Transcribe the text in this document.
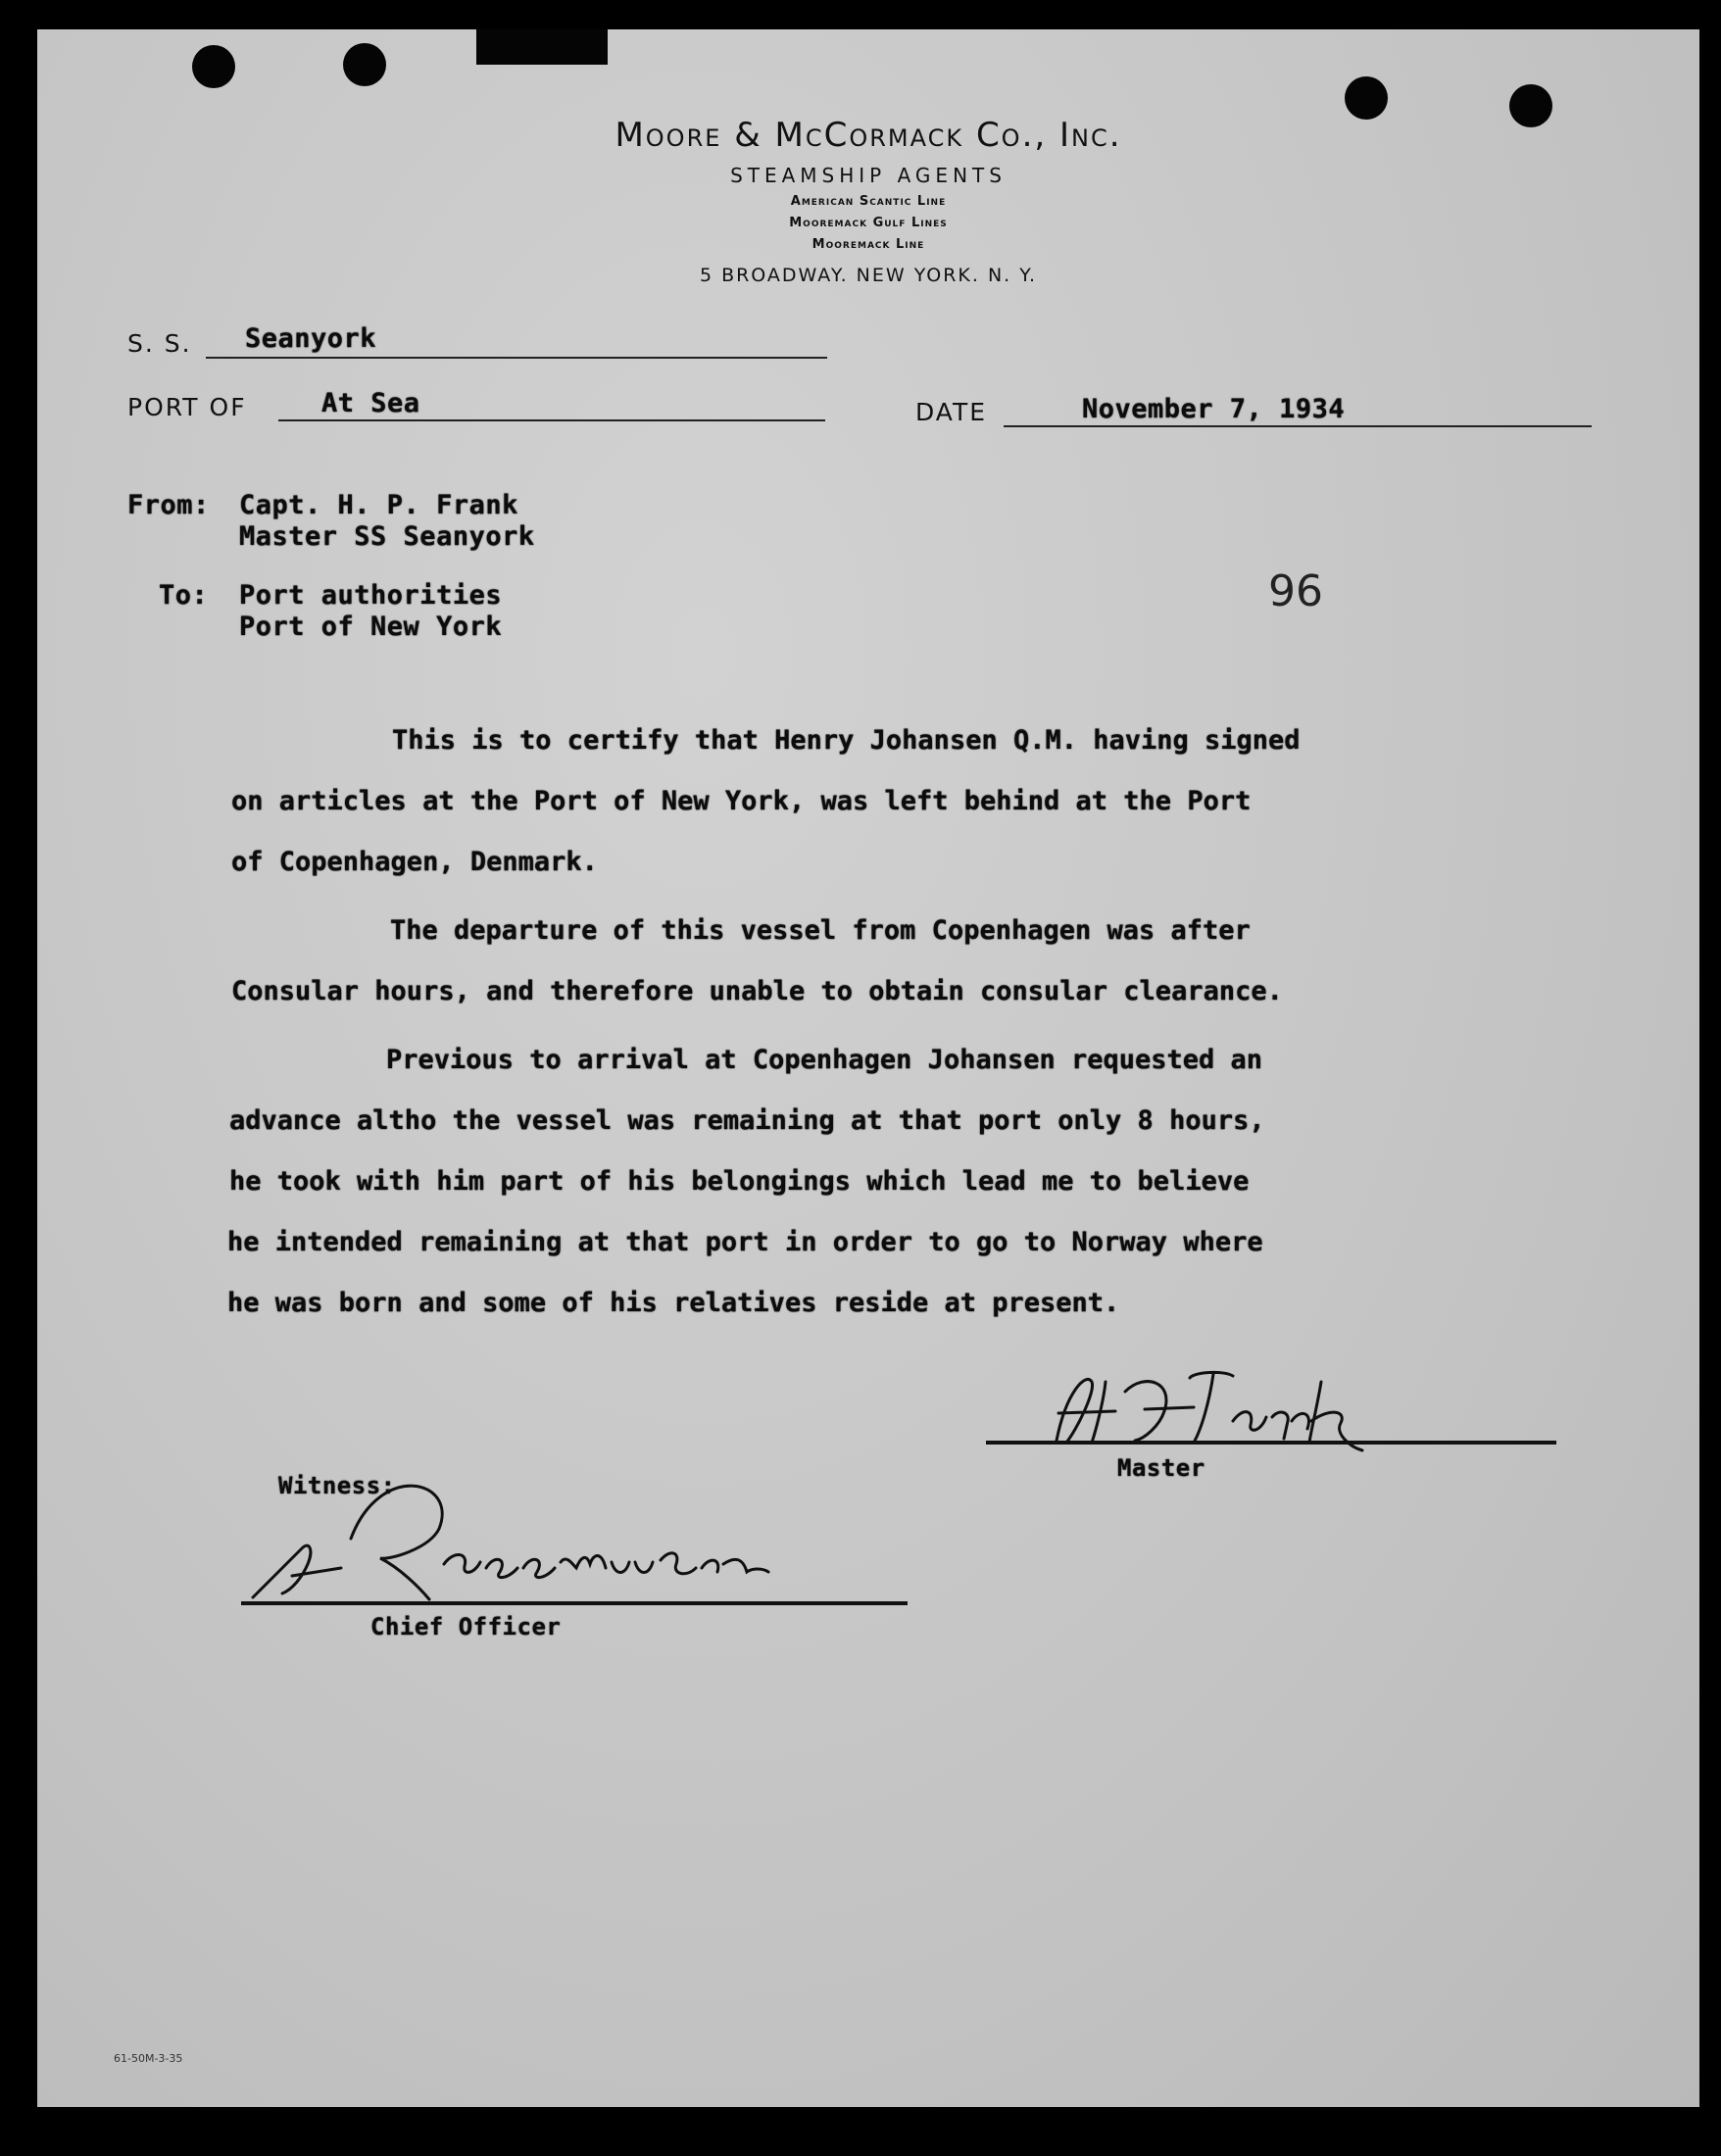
Moore & McCormack Co., Inc.
STEAMSHIP AGENTS
American Scantic Line
Mooremack Gulf Lines
Mooremack Line
5 BROADWAY. NEW YORK. N. Y.
S. S. Seanyork
PORT OF	At Sea	DATE	November 7, 1934
From: Capt. H. P. Frank
Master SS Seanyork
To: Port authorities
Port of New York
96
This is to certify that Henry Johansen Q.M. having signed
on articles at the Port of New York, was left behind at the Port
of Copenhagen, Denmark.
The departure of this vessel from Copenhagen was after
Consular hours, and therefore unable to obtain consular clearance.
Previous to arrival at Copenhagen Johansen requested an
advance altho the vessel was remaining at that port only 8 hours,
he took with him part of his belongings which lead me to believe
he intended remaining at that port in order to go to Norway where
he was born and some of his relatives reside at present.
Master
Witness:
Chief Officer
61-50M-3-35
